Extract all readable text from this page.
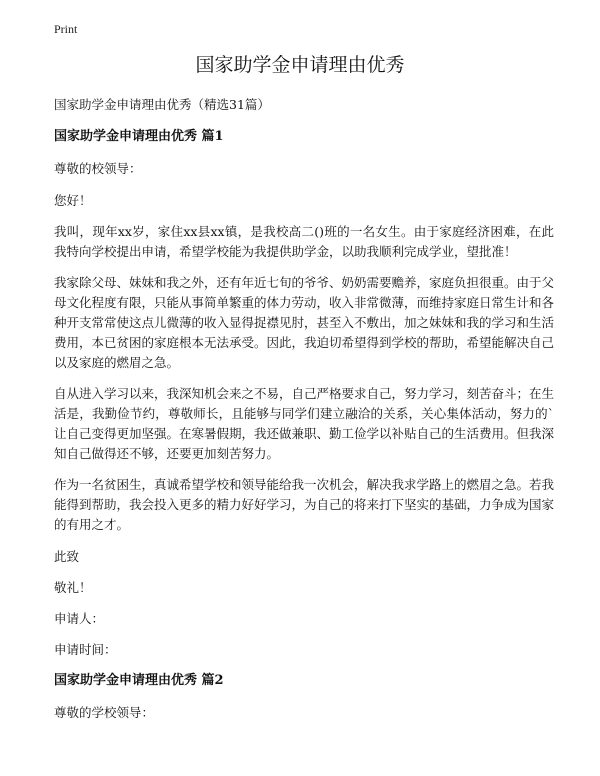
Print
国家助学金申请理由优秀

国家助学金申请理由优秀（精选31篇）

国家助学金申请理由优秀 篇1

尊敬的校领导：

您好！

我叫，现年xx岁，家住xx县xx镇，是我校高二()班的一名女生。由于家庭经济困难，在此我特向学校提出申请，希望学校能为我提供助学金，以助我顺利完成学业，望批准！

我家除父母、妹妹和我之外，还有年近七旬的爷爷、奶奶需要赡养，家庭负担很重。由于父母文化程度有限，只能从事简单繁重的体力劳动，收入非常微薄，而维持家庭日常生计和各种开支常常使这点儿微薄的收入显得捉襟见肘，甚至入不敷出，加之妹妹和我的学习和生活费用，本已贫困的家庭根本无法承受。因此，我迫切希望得到学校的帮助，希望能解决自己以及家庭的燃眉之急。

自从进入学习以来，我深知机会来之不易，自己严格要求自己，努力学习，刻苦奋斗；在生活是，我勤俭节约，尊敬师长，且能够与同学们建立融洽的关系，关心集体活动，努力的`让自己变得更加坚强。在寒暑假期，我还做兼职、勤工俭学以补贴自己的生活费用。但我深知自己做得还不够，还要更加刻苦努力。

作为一名贫困生，真诚希望学校和领导能给我一次机会，解决我求学路上的燃眉之急。若我能得到帮助，我会投入更多的精力好好学习，为自己的将来打下坚实的基础，力争成为国家的有用之才。

此致

敬礼！

申请人：

申请时间：

国家助学金申请理由优秀 篇2

尊敬的学校领导：
